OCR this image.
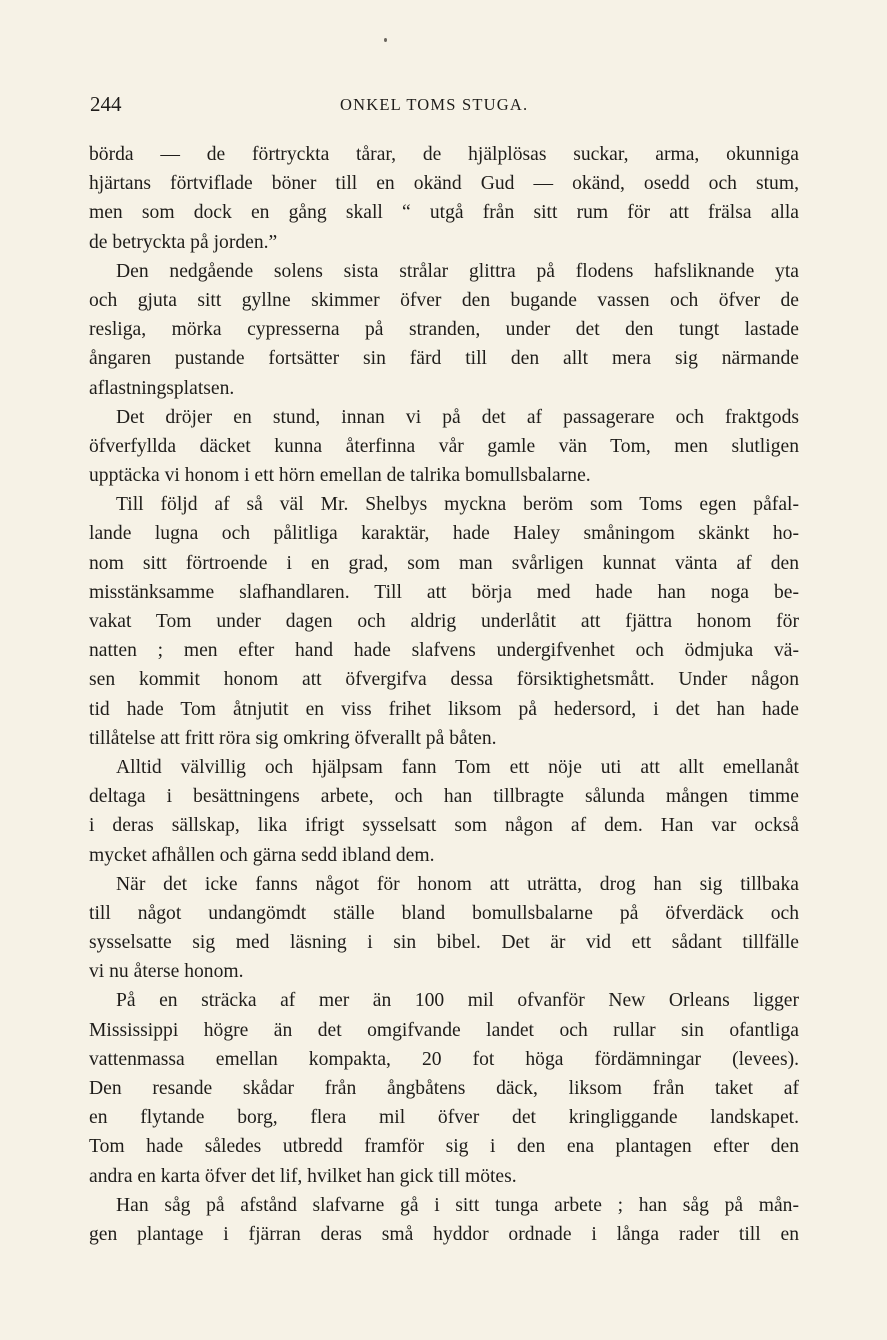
244	ONKEL TOMS STUGA.
börda — de förtryckta tårar, de hjälplösas suckar, arma, okunniga
hjärtans förtviflade böner till en okänd Gud — okänd, osedd och stum,
men som dock en gång skall “ utgå från sitt rum för att frälsa alla
de betryckta på jorden.”
Den nedgående solens sista strålar glittra på flodens hafsliknande yta
och gjuta sitt gyllne skimmer öfver den bugande vassen och öfver de
resliga, mörka cypresserna på stranden, under det den tungt lastade
ångaren pustande fortsätter sin färd till den allt mera sig närmande
aflastningsplatsen.
Det dröjer en stund, innan vi på det af passagerare och fraktgods
öfverfyllda däcket kunna återfinna vår gamle vän Tom, men slutligen
upptäcka vi honom i ett hörn emellan de talrika bomullsbalarne.
Till följd af så väl Mr. Shelbys myckna beröm som Toms egen påfal-
lande lugna och pålitliga karaktär, hade Haley småningom skänkt ho-
nom sitt förtroende i en grad, som man svårligen kunnat vänta af den
misstänksamme slafhandlaren. Till att börja med hade han noga be-
vakat Tom under dagen och aldrig underlåtit att fjättra honom för
natten ; men efter hand hade slafvens undergifvenhet och ödmjuka vä-
sen kommit honom att öfvergifva dessa försiktighetsmått. Under någon
tid hade Tom åtnjutit en viss frihet liksom på hedersord, i det han hade
tillåtelse att fritt röra sig omkring öfverallt på båten.
Alltid välvillig och hjälpsam fann Tom ett nöje uti att allt emellanåt
deltaga i besättningens arbete, och han tillbragte sålunda mången timme
i deras sällskap, lika ifrigt sysselsatt som någon af dem. Han var också
mycket afhållen och gärna sedd ibland dem.
När det icke fanns något för honom att uträtta, drog han sig tillbaka
till något undangömdt ställe bland bomullsbalarne på öfverdäck och
sysselsatte sig med läsning i sin bibel. Det är vid ett sådant tillfälle
vi nu återse honom.
På en sträcka af mer än 100 mil ofvanför New Orleans ligger
Mississippi högre än det omgifvande landet och rullar sin ofantliga
vattenmassa emellan kompakta, 20 fot höga fördämningar (levees).
Den resande skådar från ångbåtens däck, liksom från taket af
en flytande borg, flera mil öfver det kringliggande landskapet.
Tom hade således utbredd framför sig i den ena plantagen efter den
andra en karta öfver det lif, hvilket han gick till mötes.
Han såg på afstånd slafvarne gå i sitt tunga arbete ; han såg på mån-
gen plantage i fjärran deras små hyddor ordnade i långa rader till en
